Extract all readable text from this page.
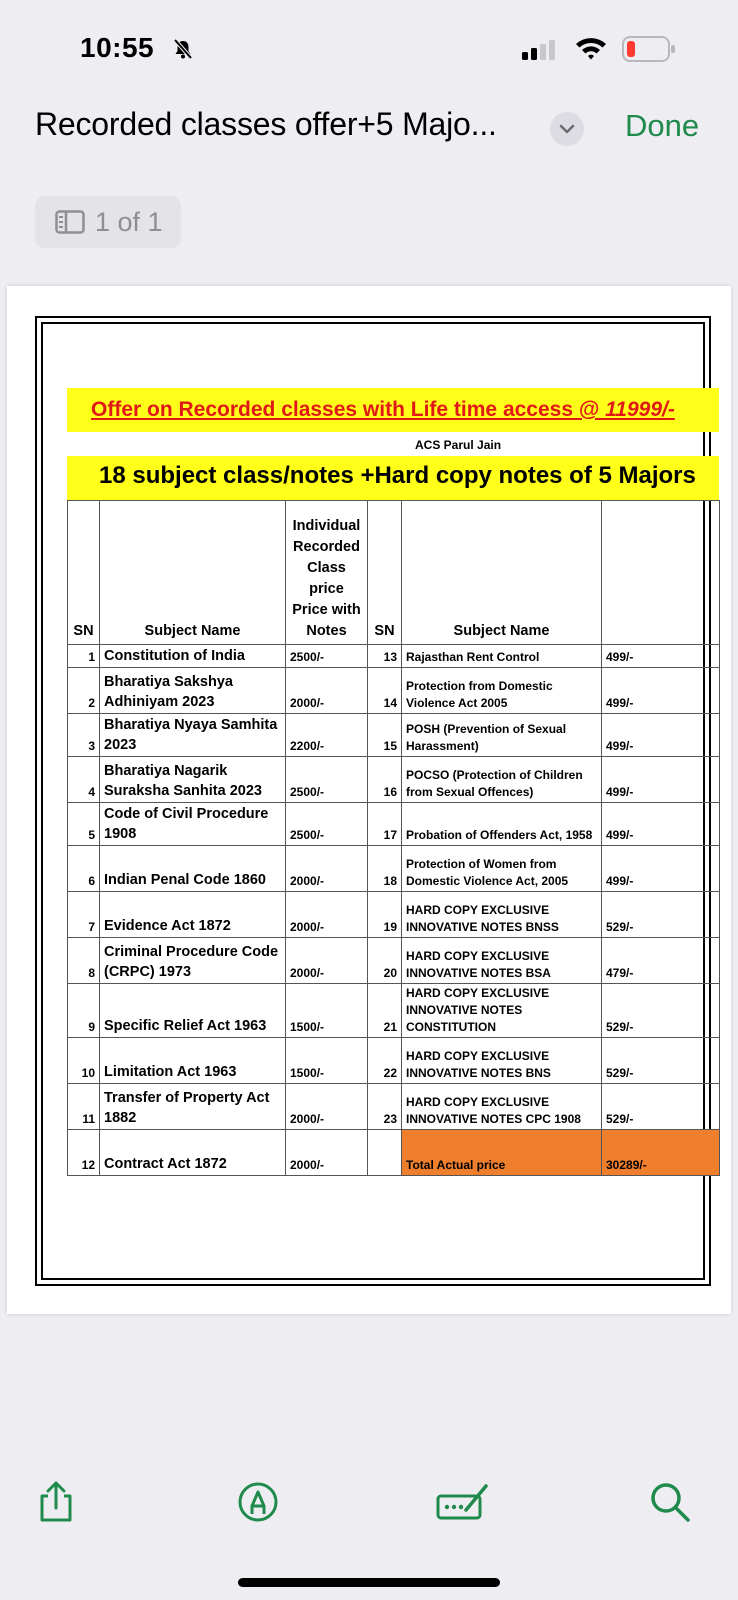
10:55
Recorded classes offer+5 Majo...	Done
1 of 1
Offer on Recorded classes with Life time access @ 11999/-
ACS Parul Jain
18 subject class/notes +Hard copy notes of 5 Majors
SN	Subject Name	Individual Recorded Class price Price with Notes	SN	Subject Name	
1	Constitution of India	2500/-	13	Rajasthan Rent Control	499/-
2	Bharatiya Sakshya Adhiniyam 2023	2000/-	14	Protection from Domestic Violence Act 2005	499/-
3	Bharatiya Nyaya Samhita 2023	2200/-	15	POSH (Prevention of Sexual Harassment)	499/-
4	Bharatiya Nagarik Suraksha Sanhita 2023	2500/-	16	POCSO (Protection of Children from Sexual Offences)	499/-
5	Code of Civil Procedure 1908	2500/-	17	Probation of Offenders Act, 1958	499/-
6	Indian Penal Code 1860	2000/-	18	Protection of Women from Domestic Violence Act, 2005	499/-
7	Evidence Act 1872	2000/-	19	HARD COPY EXCLUSIVE INNOVATIVE NOTES BNSS	529/-
8	Criminal Procedure Code (CRPC) 1973	2000/-	20	HARD COPY EXCLUSIVE INNOVATIVE NOTES BSA	479/-
9	Specific Relief Act 1963	1500/-	21	HARD COPY EXCLUSIVE INNOVATIVE NOTES CONSTITUTION	529/-
10	Limitation Act 1963	1500/-	22	HARD COPY EXCLUSIVE INNOVATIVE NOTES BNS	529/-
11	Transfer of Property Act 1882	2000/-	23	HARD COPY EXCLUSIVE INNOVATIVE NOTES CPC 1908	529/-
12	Contract Act 1872	2000/-		Total Actual price	30289/-
